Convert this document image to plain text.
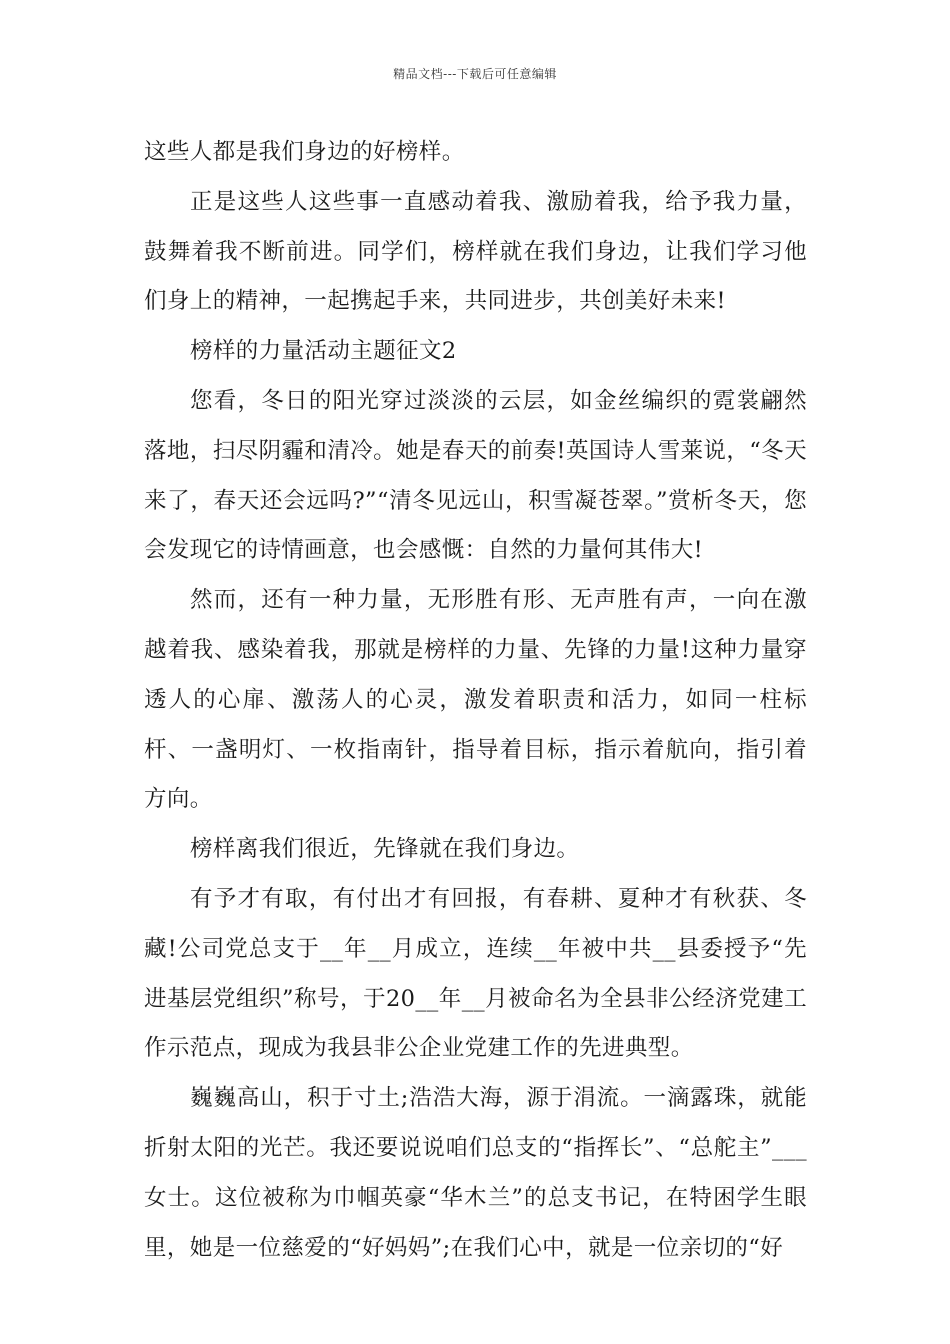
精品文档---下载后可任意编辑

这些人都是我们身边的好榜样。

正是这些人这些事一直感动着我、激励着我，给予我力量，鼓舞着我不断前进。同学们，榜样就在我们身边，让我们学习他们身上的精神，一起携起手来，共同进步，共创美好未来!

榜样的力量活动主题征文2

您看，冬日的阳光穿过淡淡的云层，如金丝编织的霓裳翩然落地，扫尽阴霾和清冷。她是春天的前奏!英国诗人雪莱说，“冬天来了，春天还会远吗?”“清冬见远山，积雪凝苍翠。”赏析冬天，您会发现它的诗情画意，也会感慨：自然的力量何其伟大!

然而，还有一种力量，无形胜有形、无声胜有声，一向在激越着我、感染着我，那就是榜样的力量、先锋的力量!这种力量穿透人的心扉、激荡人的心灵，激发着职责和活力，如同一柱标杆、一盏明灯、一枚指南针，指导着目标，指示着航向，指引着方向。

榜样离我们很近，先锋就在我们身边。

有予才有取，有付出才有回报，有春耕、夏种才有秋获、冬藏!公司党总支于__年__月成立，连续__年被中共__县委授予“先进基层党组织”称号，于20__年__月被命名为全县非公经济党建工作示范点，现成为我县非公企业党建工作的先进典型。

巍巍高山，积于寸土;浩浩大海，源于涓流。一滴露珠，就能折射太阳的光芒。我还要说说咱们总支的“指挥长”、“总舵主”___女士。这位被称为巾帼英豪“华木兰”的总支书记，在特困学生眼里，她是一位慈爱的“好妈妈”;在我们心中，就是一位亲切的“好
